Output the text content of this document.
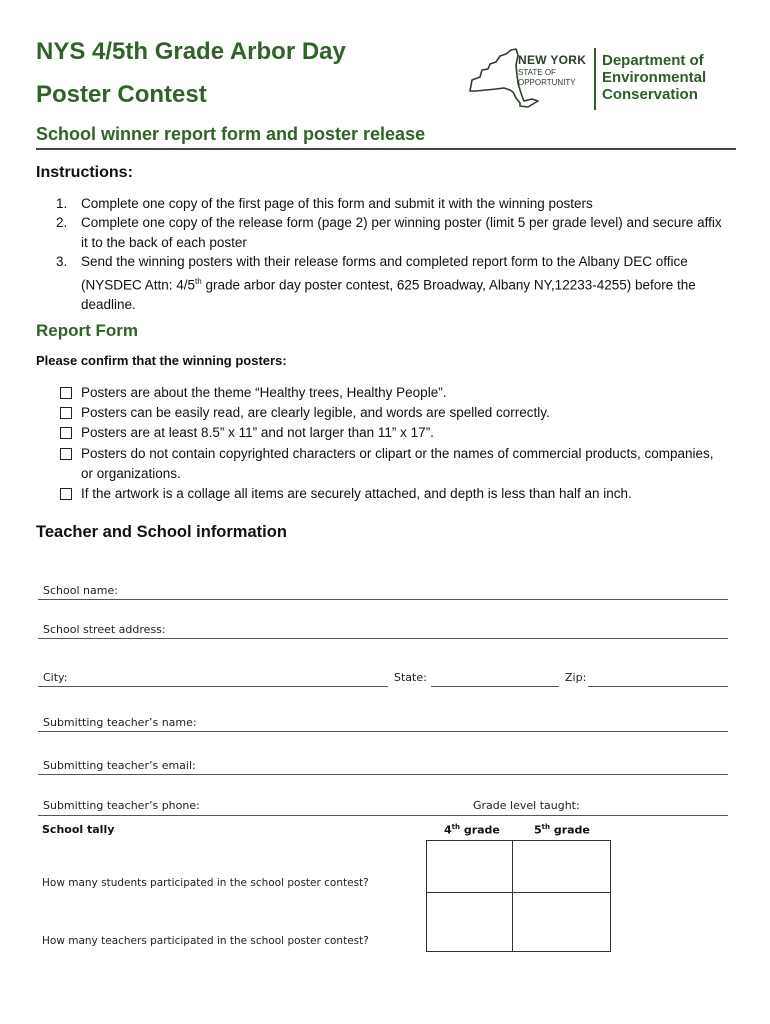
NYS 4/5th Grade Arbor Day
Poster Contest
NEW YORK
STATE OF OPPORTUNITY
Department of
Environmental
Conservation
School winner report form and poster release
Instructions:
1. Complete one copy of the first page of this form and submit it with the winning posters
2. Complete one copy of the release form (page 2) per winning poster (limit 5 per grade level) and secure affix it to the back of each poster
3. Send the winning posters with their release forms and completed report form to the Albany DEC office (NYSDEC Attn: 4/5th grade arbor day poster contest, 625 Broadway, Albany NY,12233-4255) before the deadline.
Report Form
Please confirm that the winning posters:
Posters are about the theme “Healthy trees, Healthy People”.
Posters can be easily read, are clearly legible, and words are spelled correctly.
Posters are at least 8.5” x 11” and not larger than 11” x 17”.
Posters do not contain copyrighted characters or clipart or the names of commercial products, companies, or organizations.
If the artwork is a collage all items are securely attached, and depth is less than half an inch.
Teacher and School information
School name:
School street address:
City:	State:	Zip:
Submitting teacher’s name:
Submitting teacher’s email:
Submitting teacher’s phone:	Grade level taught:
School tally	4th grade	5th grade
How many students participated in the school poster contest?
How many teachers participated in the school poster contest?
